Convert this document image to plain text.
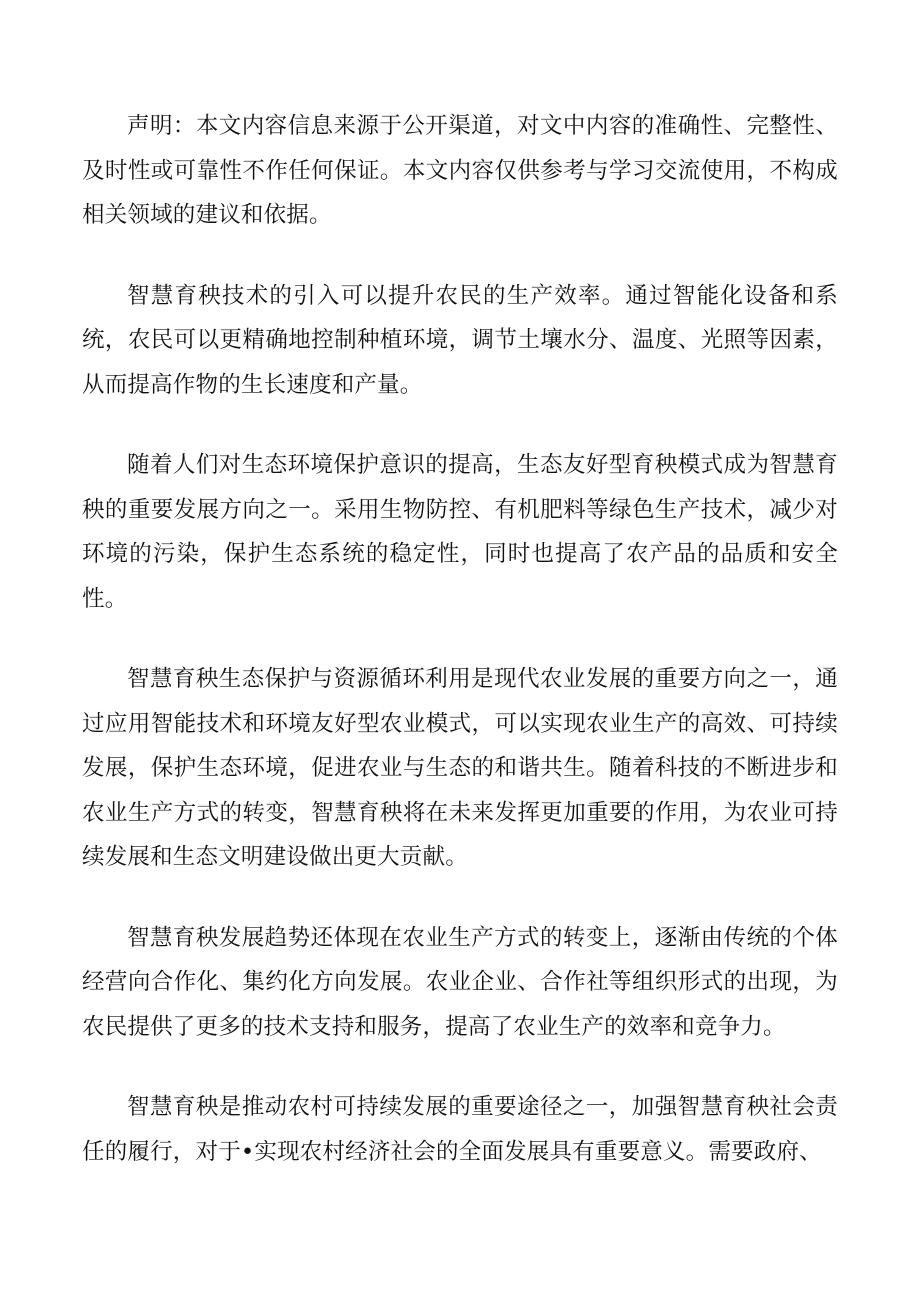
声明：本文内容信息来源于公开渠道，对文中内容的准确性、完整性、及时性或可靠性不作任何保证。本文内容仅供参考与学习交流使用，不构成相关领域的建议和依据。

智慧育秧技术的引入可以提升农民的生产效率。通过智能化设备和系统，农民可以更精确地控制种植环境，调节土壤水分、温度、光照等因素，从而提高作物的生长速度和产量。

随着人们对生态环境保护意识的提高，生态友好型育秧模式成为智慧育秧的重要发展方向之一。采用生物防控、有机肥料等绿色生产技术，减少对环境的污染，保护生态系统的稳定性，同时也提高了农产品的品质和安全性。

智慧育秧生态保护与资源循环利用是现代农业发展的重要方向之一，通过应用智能技术和环境友好型农业模式，可以实现农业生产的高效、可持续发展，保护生态环境，促进农业与生态的和谐共生。随着科技的不断进步和农业生产方式的转变，智慧育秧将在未来发挥更加重要的作用，为农业可持续发展和生态文明建设做出更大贡献。

智慧育秧发展趋势还体现在农业生产方式的转变上，逐渐由传统的个体经营向合作化、集约化方向发展。农业企业、合作社等组织形式的出现，为农民提供了更多的技术支持和服务，提高了农业生产的效率和竞争力。

智慧育秧是推动农村可持续发展的重要途径之一，加强智慧育秧社会责任的履行，对于•实现农村经济社会的全面发展具有重要意义。需要政府、
